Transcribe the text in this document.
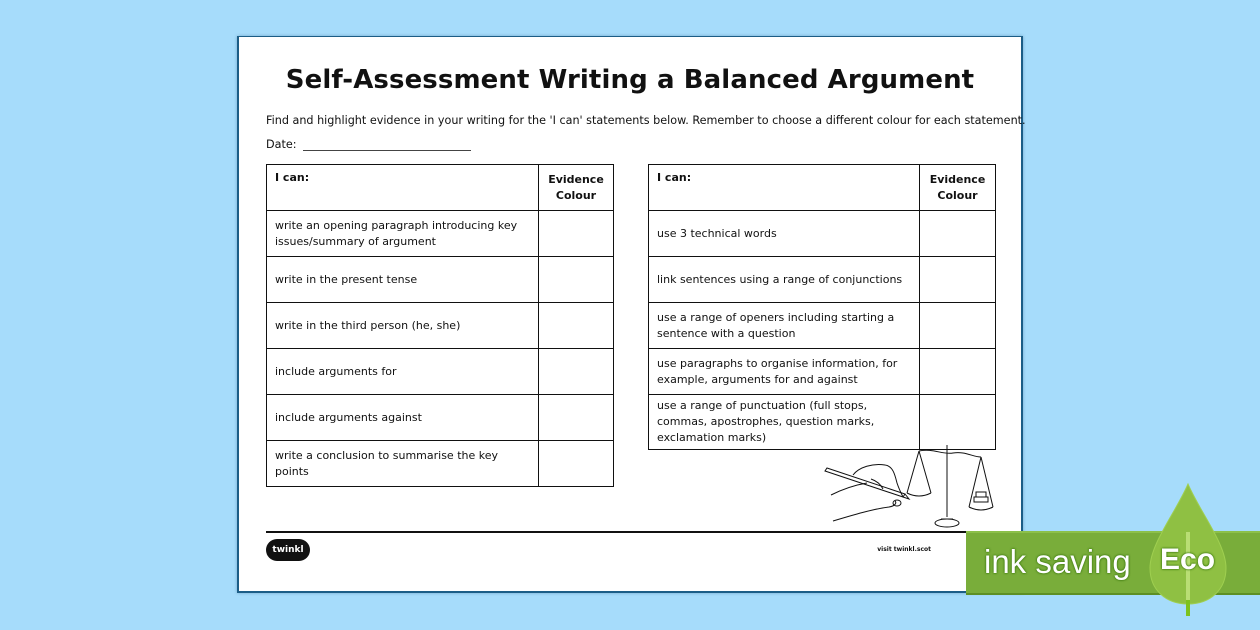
Self-Assessment Writing a Balanced Argument
Find and highlight evidence in your writing for the 'I can' statements below. Remember to choose a different colour for each statement.
Date:
I can:	Evidence Colour
write an opening paragraph introducing key issues/summary of argument	
write in the present tense	
write in the third person (he, she)	
include arguments for	
include arguments against	
write a conclusion to summarise the key points	
I can:	Evidence Colour
use 3 technical words	
link sentences using a range of conjunctions	
use a range of openers including starting a sentence with a question	
use paragraphs to organise information, for example, arguments for and against	
use a range of punctuation (full stops, commas, apostrophes, question marks, exclamation marks)	
twinkl	visit twinkl.scot ink saving Eco
